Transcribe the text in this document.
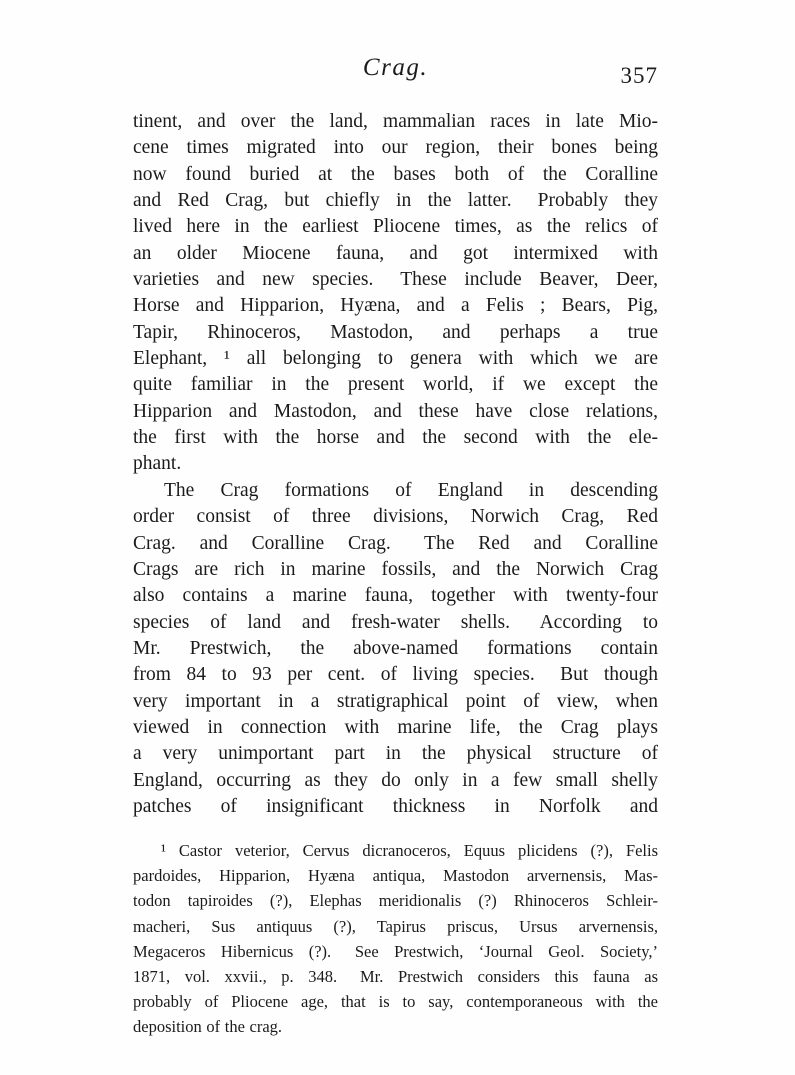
Crag.	357
tinent, and over the land, mammalian races in late Mio-
cene times migrated into our region, their bones being
now found buried at the bases both of the Coralline
and Red Crag, but chiefly in the latter.  Probably they
lived here in the earliest Pliocene times, as the relics of
an older Miocene fauna, and got intermixed with
varieties and new species.  These include Beaver, Deer,
Horse and Hipparion, Hyæna, and a Felis ; Bears, Pig,
Tapir, Rhinoceros, Mastodon, and perhaps a true
Elephant, ¹ all belonging to genera with which we are
quite familiar in the present world, if we except the
Hipparion and Mastodon, and these have close relations,
the first with the horse and the second with the ele-
phant.
The Crag formations of England in descending
order consist of three divisions, Norwich Crag, Red
Crag. and Coralline Crag.  The Red and Coralline
Crags are rich in marine fossils, and the Norwich Crag
also contains a marine fauna, together with twenty-four
species of land and fresh-water shells.  According to
Mr. Prestwich, the above-named formations contain
from 84 to 93 per cent. of living species.  But though
very important in a stratigraphical point of view, when
viewed in connection with marine life, the Crag plays
a very unimportant part in the physical structure of
England, occurring as they do only in a few small shelly
patches of insignificant thickness in Norfolk and
¹ Castor veterior, Cervus dicranoceros, Equus plicidens (?), Felis
pardoides, Hipparion, Hyæna antiqua, Mastodon arvernensis, Mas-
todon tapiroides (?), Elephas meridionalis (?) Rhinoceros Schleir-
macheri, Sus antiquus (?), Tapirus priscus, Ursus arvernensis,
Megaceros Hibernicus (?).  See Prestwich, ‘Journal Geol. Society,’
1871, vol. xxvii., p. 348.  Mr. Prestwich considers this fauna as
probably of Pliocene age, that is to say, contemporaneous with the
deposition of the crag.
